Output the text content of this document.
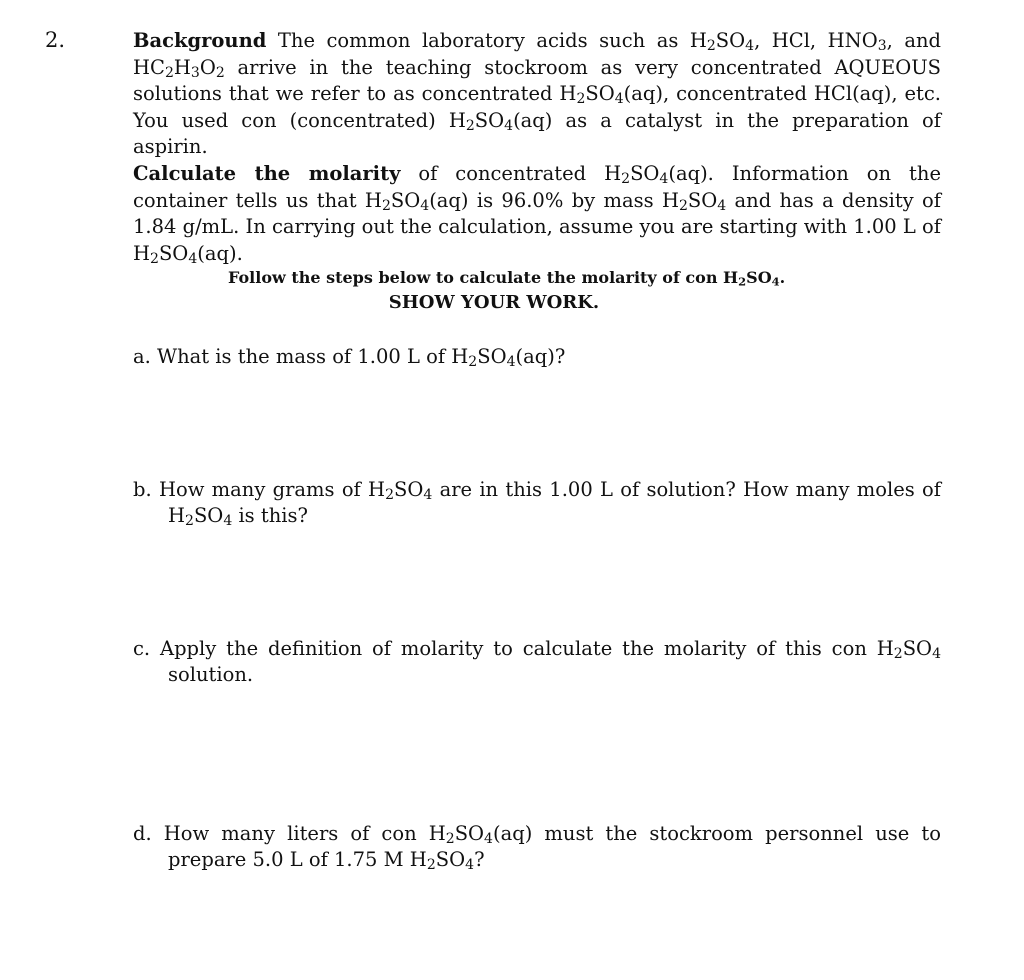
2.	Background The common laboratory acids such as $H_2SO_4$, HCl, $HNO_3$, and $HC_2H_3O_2$ arrive in the teaching stockroom as very concentrated AQUEOUS solutions that we refer to as concentrated $H_2SO_4(aq)$, concentrated HCl(aq), etc. You used con (concentrated) $H_2SO_4(aq)$ as a catalyst in the preparation of aspirin.
Calculate the molarity of concentrated $H_2SO_4(aq)$. Information on the container tells us that $H_2SO_4(aq)$ is 96.0% by mass $H_2SO_4$ and has a density of 1.84 g/mL. In carrying out the calculation, assume you are starting with 1.00 L of $H_2SO_4(aq)$.
Follow the steps below to calculate the molarity of con $H_2SO_4$.
SHOW YOUR WORK.
a. What is the mass of 1.00 L of $H_2SO_4(aq)$?
b. How many grams of $H_2SO_4$ are in this 1.00 L of solution? How many moles of $H_2SO_4$ is this?
c. Apply the definition of molarity to calculate the molarity of this con $H_2SO_4$ solution.
d. How many liters of con $H_2SO_4(aq)$ must the stockroom personnel use to prepare 5.0 L of 1.75 M $H_2SO_4$?
